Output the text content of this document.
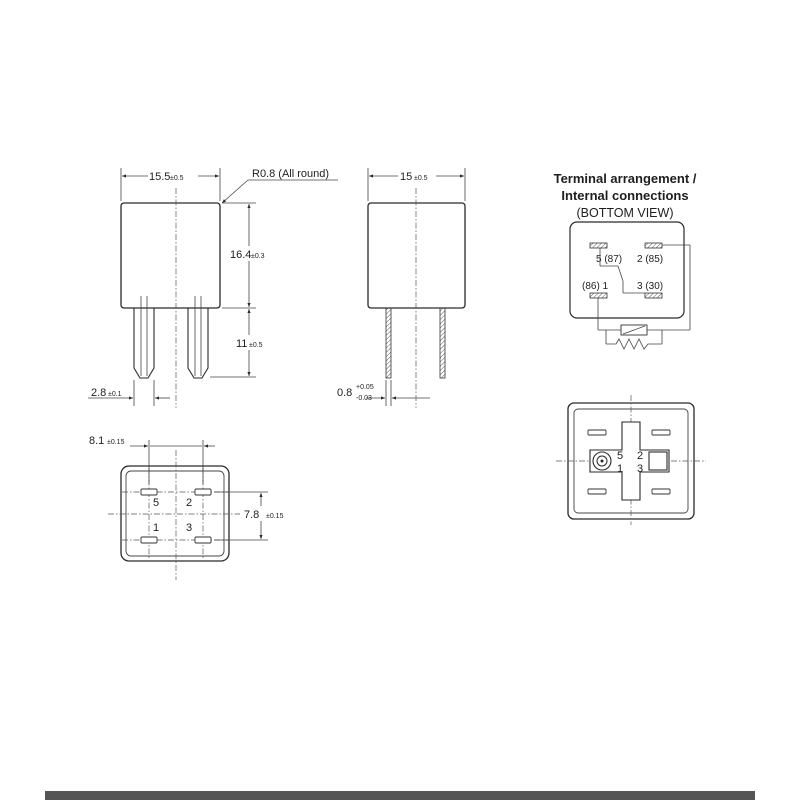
15.5 ±0.5	R0.8 (All round)
16.4 ±0.3
11 ±0.5
2.8 ±0.1
15 ±0.5
0.8 +0.05
-0.03
5 2
1 3
8.1 ±0.15
7.8 ±0.15
Terminal arrangement /
Internal connections
(BOTTOM VIEW)
5 (87) 2 (85)
(86) 1	3 (30)
5 2
1 3
